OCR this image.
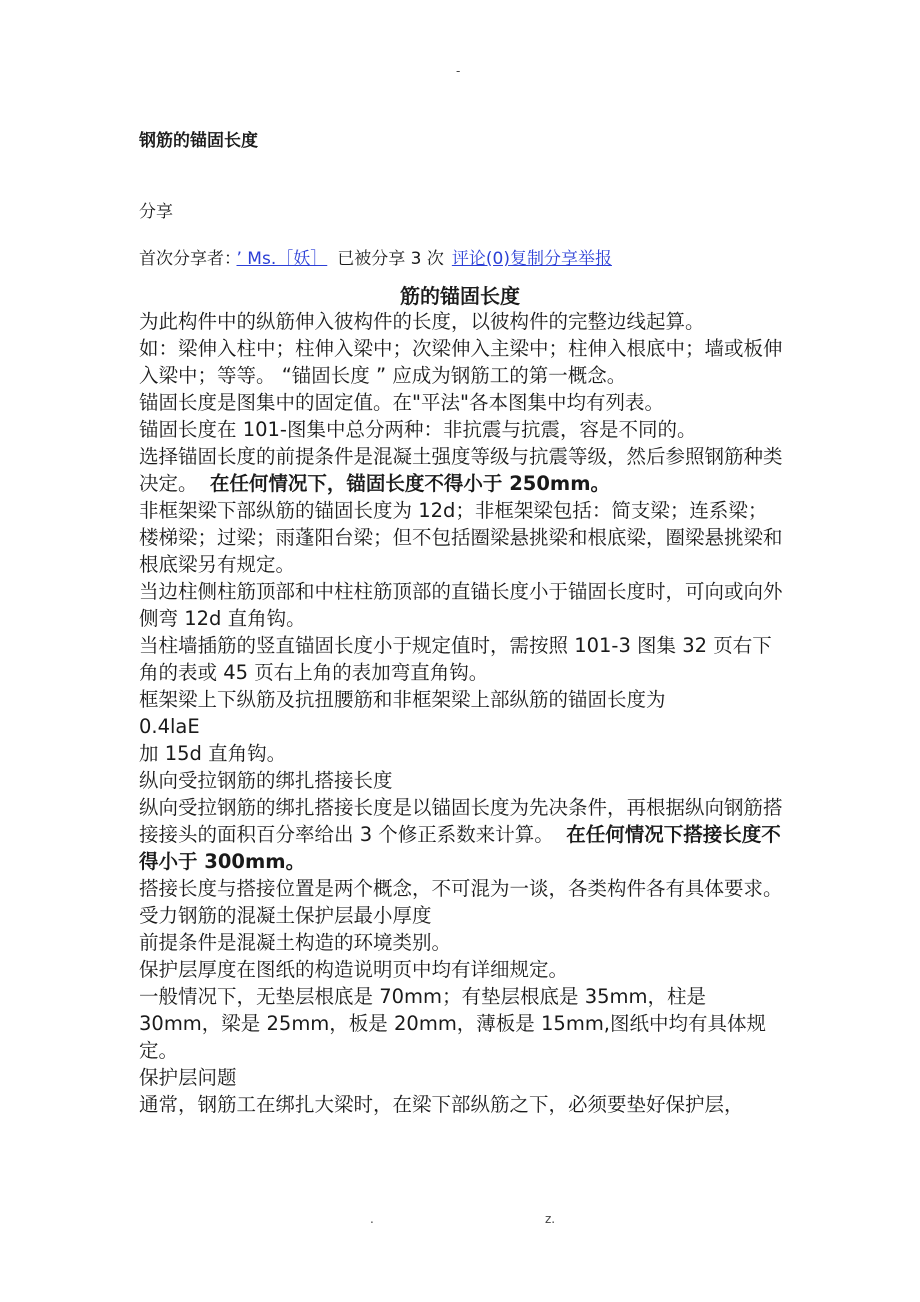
-
钢筋的锚固长度
分享
首次分享者： ’ Ms.［妖］ 已被分享 3 次 评论(0)复制分享举报
筋的锚固长度

为此构件中的纵筋伸入彼构件的长度，以彼构件的完整边线起算。

如：梁伸入柱中；柱伸入梁中；次梁伸入主梁中；柱伸入根底中；墙或板伸入梁中；等等。 “锚固长度 ” 应成为钢筋工的第一概念。

锚固长度是图集中的固定值。在"平法"各本图集中均有列表。

锚固长度在 101-图集中总分两种：非抗震与抗震，容是不同的。

选择锚固长度的前提条件是混凝土强度等级与抗震等级，然后参照钢筋种类决定。 在任何情况下，锚固长度不得小于 250mm。

非框架梁下部纵筋的锚固长度为 12d；非框架梁包括：简支梁；连系梁；楼梯梁；过梁；雨蓬阳台梁；但不包括圈梁悬挑梁和根底梁，圈梁悬挑梁和根底梁另有规定。

当边柱侧柱筋顶部和中柱柱筋顶部的直锚长度小于锚固长度时，可向或向外侧弯 12d 直角钩。

当柱墙插筋的竖直锚固长度小于规定值时，需按照 101-3 图集 32 页右下角的表或 45 页右上角的表加弯直角钩。

框架梁上下纵筋及抗扭腰筋和非框架梁上部纵筋的锚固长度为

0.4laE

加 15d 直角钩。

纵向受拉钢筋的绑扎搭接长度

纵向受拉钢筋的绑扎搭接长度是以锚固长度为先决条件，再根据纵向钢筋搭接接头的面积百分率给出 3 个修正系数来计算。 在任何情况下搭接长度不得小于 300mm。

搭接长度与搭接位置是两个概念，不可混为一谈，各类构件各有具体要求。

受力钢筋的混凝土保护层最小厚度

前提条件是混凝土构造的环境类别。

保护层厚度在图纸的构造说明页中均有详细规定。

一般情况下，无垫层根底是 70mm；有垫层根底是 35mm，柱是 30mm，梁是 25mm，板是 20mm，薄板是 15mm,图纸中均有具体规定。

保护层问题

通常，钢筋工在绑扎大梁时，在梁下部纵筋之下，必须要垫好保护层，

.	z.
